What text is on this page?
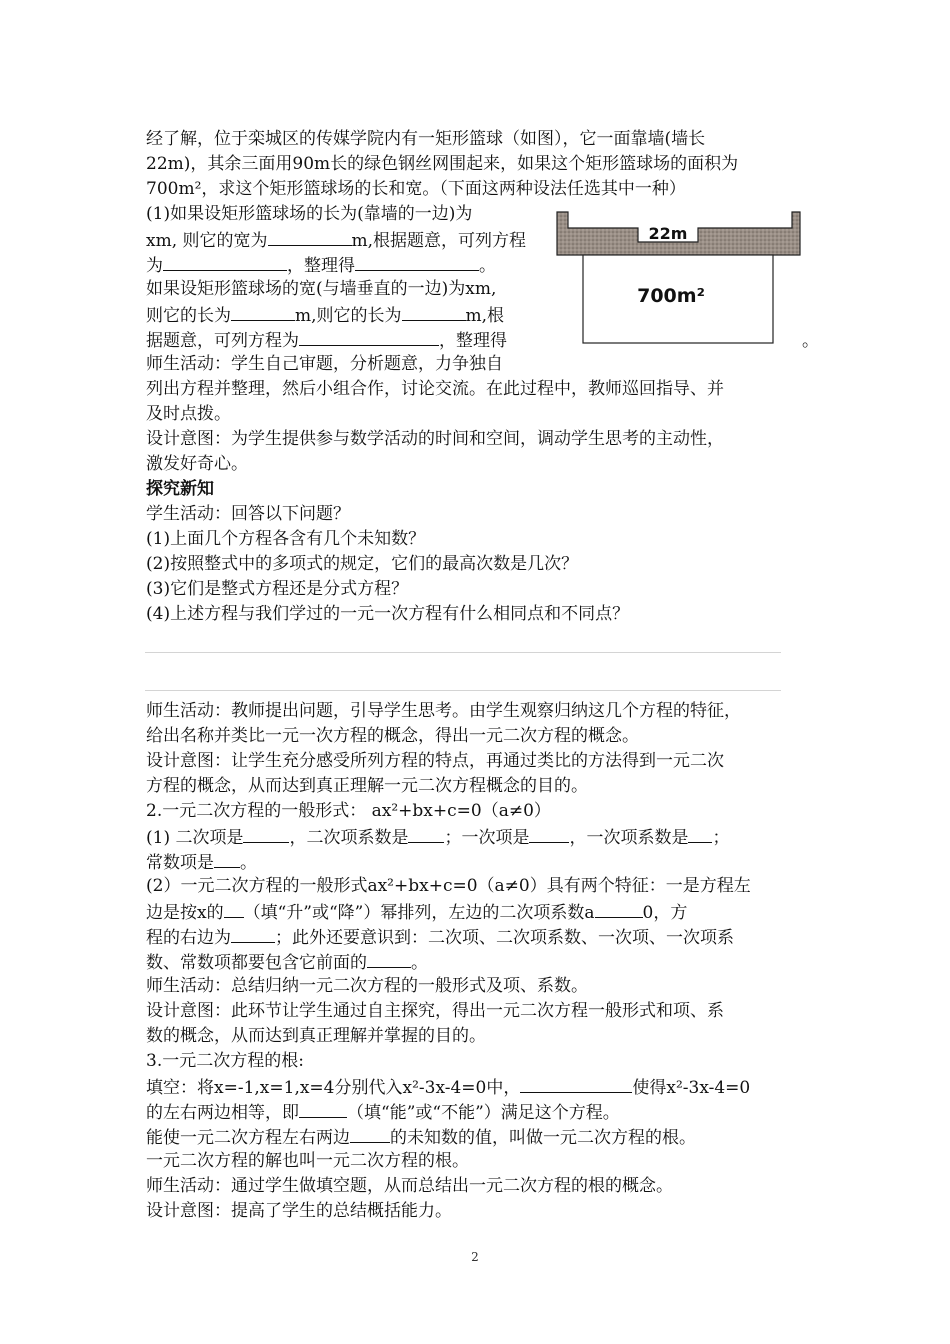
经了解，位于栾城区的传媒学院内有一矩形篮球（如图），它一面靠墙(墙长
22m)，其余三面用90m长的绿色钢丝网围起来，如果这个矩形篮球场的面积为
700m²，求这个矩形篮球场的长和宽。（下面这两种设法任选其中一种）
(1)如果设矩形篮球场的长为(靠墙的一边)为
xm, 则它的宽为	m,根据题意，可列方程
为	，整理得	。
如果设矩形篮球场的宽(与墙垂直的一边)为xm,
则它的长为	m,则它的长为	m,根
据题意，可列方程为	，整理得
师生活动：学生自己审题，分析题意，力争独自
列出方程并整理，然后小组合作，讨论交流。在此过程中，教师巡回指导、并
及时点拨。
。
22m
700m²
设计意图：为学生提供参与数学活动的时间和空间，调动学生思考的主动性，
激发好奇心。
探究新知
学生活动：回答以下问题？
(1)上面几个方程各含有几个未知数？
(2)按照整式中的多项式的规定，它们的最高次数是几次？
(3)它们是整式方程还是分式方程？
(4)上述方程与我们学过的一元一次方程有什么相同点和不同点？
师生活动：教师提出问题，引导学生思考。由学生观察归纳这几个方程的特征，
给出名称并类比一元一次方程的概念，得出一元二次方程的概念。
设计意图：让学生充分感受所列方程的特点，再通过类比的方法得到一元二次
方程的概念，从而达到真正理解一元二次方程概念的目的。
2.一元二次方程的一般形式： ax²+bx+c=0（a≠0）
(1) 二次项是	，二次项系数是 ；一次项是 ，一次项系数是 ；
常数项是 。
(2）一元二次方程的一般形式ax²+bx+c=0（a≠0）具有两个特征：一是方程左
边是按x的 （填“升”或“降”）幂排列，左边的二次项系数a	0，方
程的右边为	；此外还要意识到：二次项、二次项系数、一次项、一次项系
数、常数项都要包含它前面的	。
师生活动：总结归纳一元二次方程的一般形式及项、系数。
设计意图：此环节让学生通过自主探究，得出一元二次方程一般形式和项、系
数的概念，从而达到真正理解并掌握的目的。
3.一元二次方程的根:
填空：将x=-1,x=1,x=4分别代入x²-3x-4=0中，	使得x²-3x-4=0
的左右两边相等，即	（填“能”或“不能”）满足这个方程。
能使一元二次方程左右两边 的未知数的值，叫做一元二次方程的根。
一元二次方程的解也叫一元二次方程的根。
师生活动：通过学生做填空题，从而总结出一元二次方程的根的概念。
设计意图：提高了学生的总结概括能力。
2
